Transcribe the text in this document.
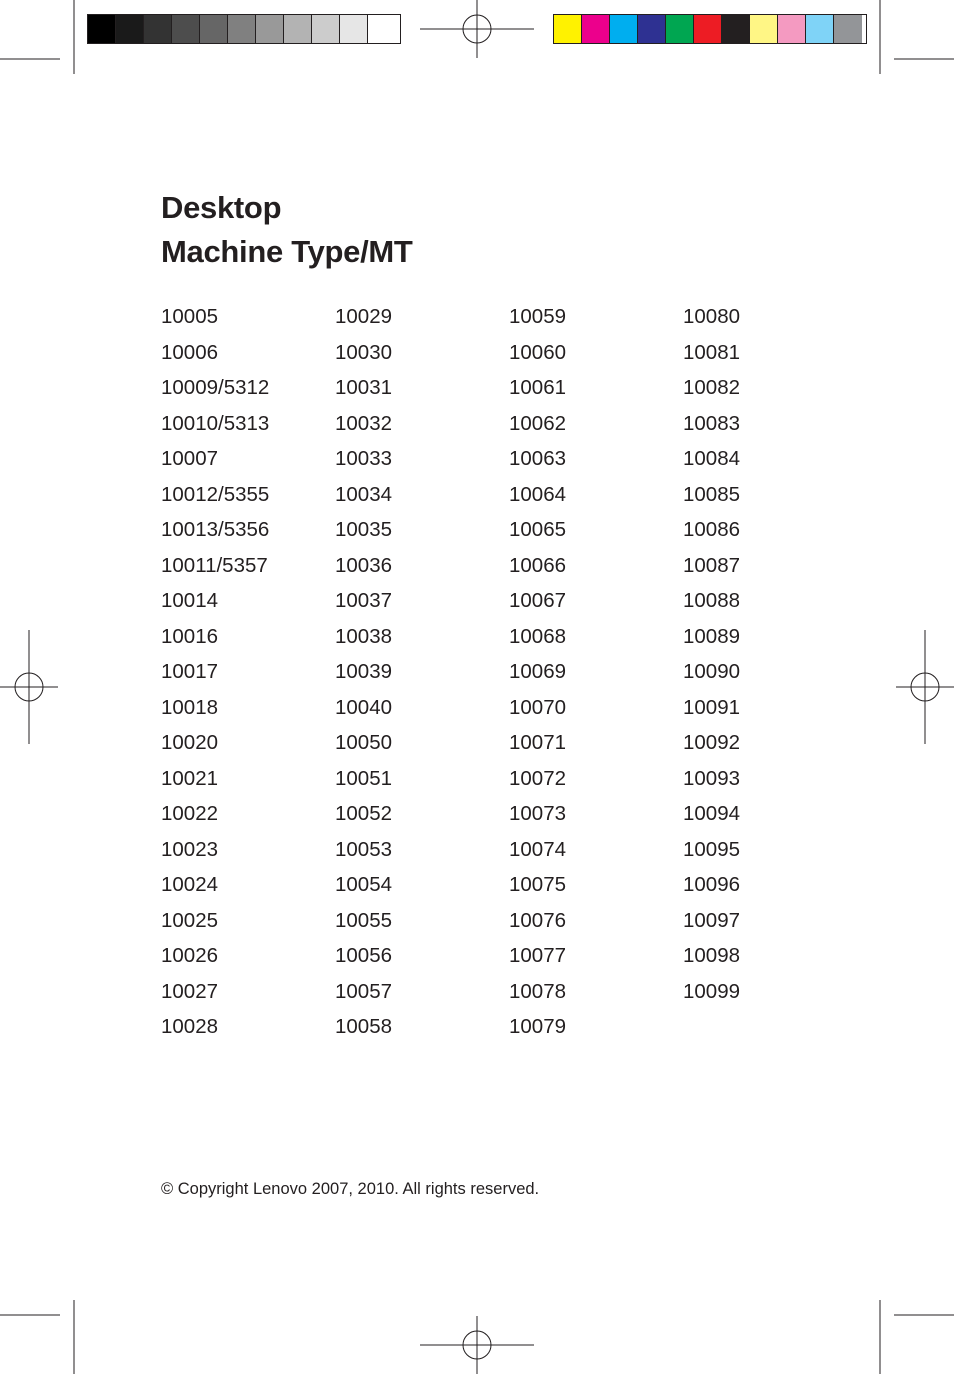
Desktop
Machine Type/MT
10005
10006
10009/5312
10010/5313
10007
10012/5355
10013/5356
10011/5357
10014
10016
10017
10018
10020
10021
10022
10023
10024
10025
10026
10027
10028
10029
10030
10031
10032
10033
10034
10035
10036
10037
10038
10039
10040
10050
10051
10052
10053
10054
10055
10056
10057
10058
10059
10060
10061
10062
10063
10064
10065
10066
10067
10068
10069
10070
10071
10072
10073
10074
10075
10076
10077
10078
10079
10080
10081
10082
10083
10084
10085
10086
10087
10088
10089
10090
10091
10092
10093
10094
10095
10096
10097
10098
10099
© Copyright Lenovo 2007, 2010. All rights reserved.
